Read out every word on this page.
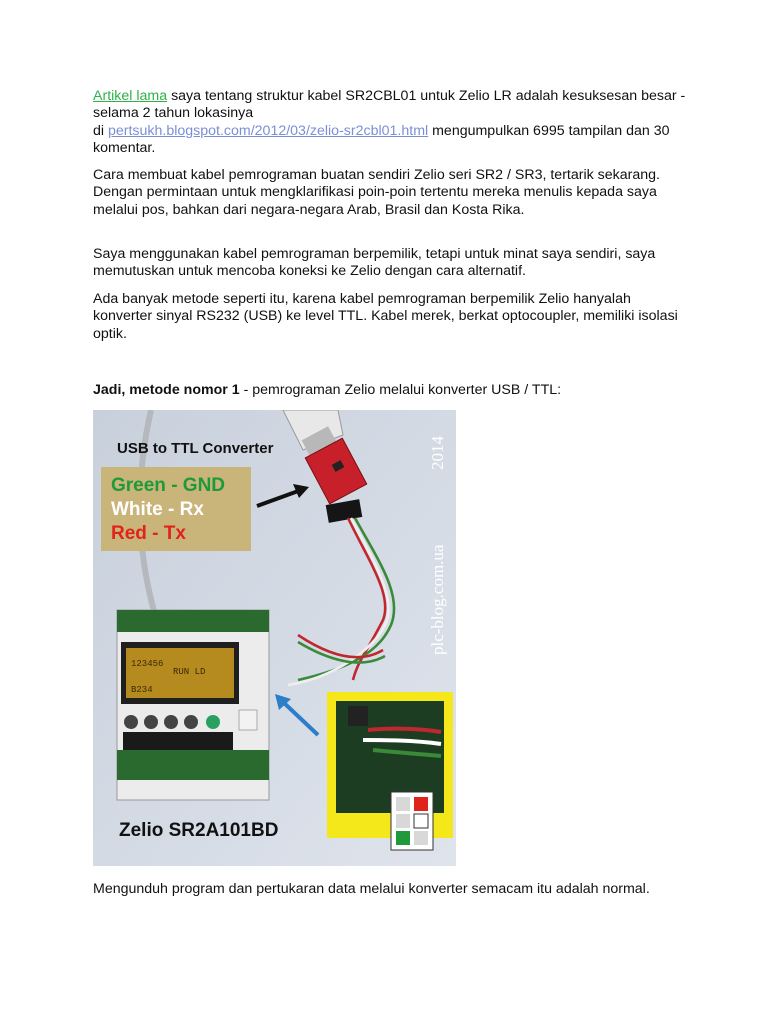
Artikel lama saya tentang struktur kabel SR2CBL01 untuk Zelio LR adalah kesuksesan besar - selama 2 tahun lokasinya
di pertsukh.blogspot.com/2012/03/zelio-sr2cbl01.html mengumpulkan 6995 tampilan dan 30 komentar.
Cara membuat kabel pemrograman buatan sendiri Zelio seri SR2 / SR3, tertarik sekarang. Dengan permintaan untuk mengklarifikasi poin-poin tertentu mereka menulis kepada saya melalui pos, bahkan dari negara-negara Arab, Brasil dan Kosta Rika.
Saya menggunakan kabel pemrograman berpemilik, tetapi untuk minat saya sendiri, saya memutuskan untuk mencoba koneksi ke Zelio dengan cara alternatif.
Ada banyak metode seperti itu, karena kabel pemrograman berpemilik Zelio hanyalah konverter sinyal RS232 (USB) ke level TTL. Kabel merek, berkat optocoupler, memiliki isolasi optik.
Jadi, metode nomor 1 - pemrograman Zelio melalui konverter USB / TTL:
123456
RUN LD
B234
USB to TTL Converter
Green - GND
White - Rx
Red - Tx
Zelio SR2A101BD
2014
plc-blog.com.ua
Mengunduh program dan pertukaran data melalui konverter semacam itu adalah normal.
